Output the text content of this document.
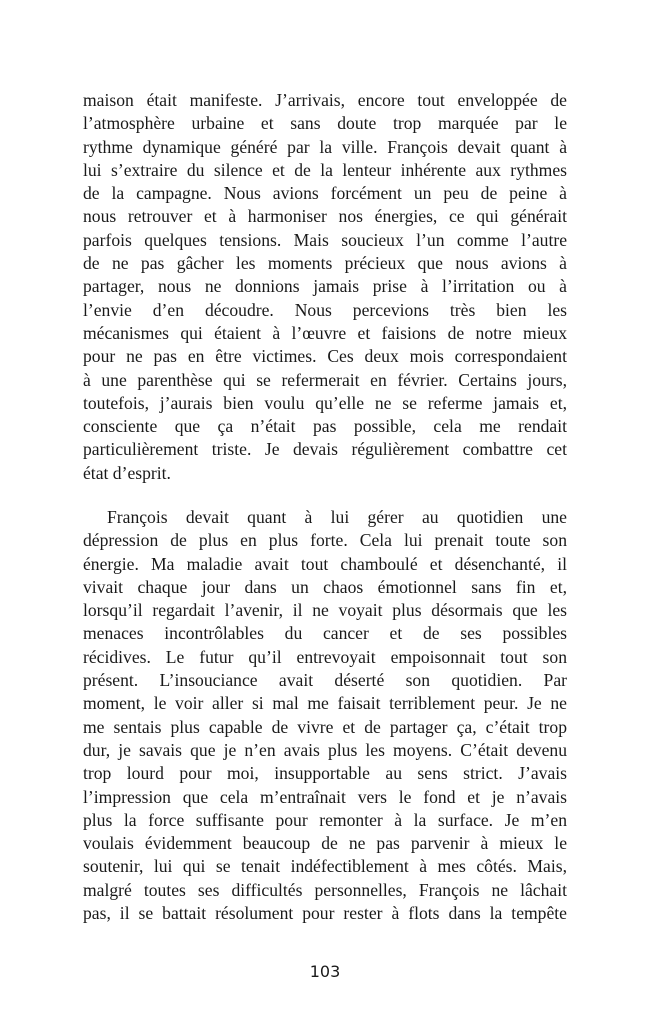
maison était manifeste. J’arrivais, encore tout enveloppée de
l’atmosphère urbaine et sans doute trop marquée par le
rythme dynamique généré par la ville. François devait quant à
lui s’extraire du silence et de la lenteur inhérente aux rythmes
de la campagne. Nous avions forcément un peu de peine à
nous retrouver et à harmoniser nos énergies, ce qui générait
parfois quelques tensions. Mais soucieux l’un comme l’autre
de ne pas gâcher les moments précieux que nous avions à
partager, nous ne donnions jamais prise à l’irritation ou à
l’envie d’en découdre. Nous percevions très bien les
mécanismes qui étaient à l’œuvre et faisions de notre mieux
pour ne pas en être victimes. Ces deux mois correspondaient
à une parenthèse qui se refermerait en février. Certains jours,
toutefois, j’aurais bien voulu qu’elle ne se referme jamais et,
consciente que ça n’était pas possible, cela me rendait
particulièrement triste. Je devais régulièrement combattre cet
état d’esprit.

François devait quant à lui gérer au quotidien une
dépression de plus en plus forte. Cela lui prenait toute son
énergie. Ma maladie avait tout chamboulé et désenchanté, il
vivait chaque jour dans un chaos émotionnel sans fin et,
lorsqu’il regardait l’avenir, il ne voyait plus désormais que les
menaces incontrôlables du cancer et de ses possibles
récidives. Le futur qu’il entrevoyait empoisonnait tout son
présent. L’insouciance avait déserté son quotidien. Par
moment, le voir aller si mal me faisait terriblement peur. Je ne
me sentais plus capable de vivre et de partager ça, c’était trop
dur, je savais que je n’en avais plus les moyens. C’était devenu
trop lourd pour moi, insupportable au sens strict. J’avais
l’impression que cela m’entraînait vers le fond et je n’avais
plus la force suffisante pour remonter à la surface. Je m’en
voulais évidemment beaucoup de ne pas parvenir à mieux le
soutenir, lui qui se tenait indéfectiblement à mes côtés. Mais,
malgré toutes ses difficultés personnelles, François ne lâchait
pas, il se battait résolument pour rester à flots dans la tempête

103
